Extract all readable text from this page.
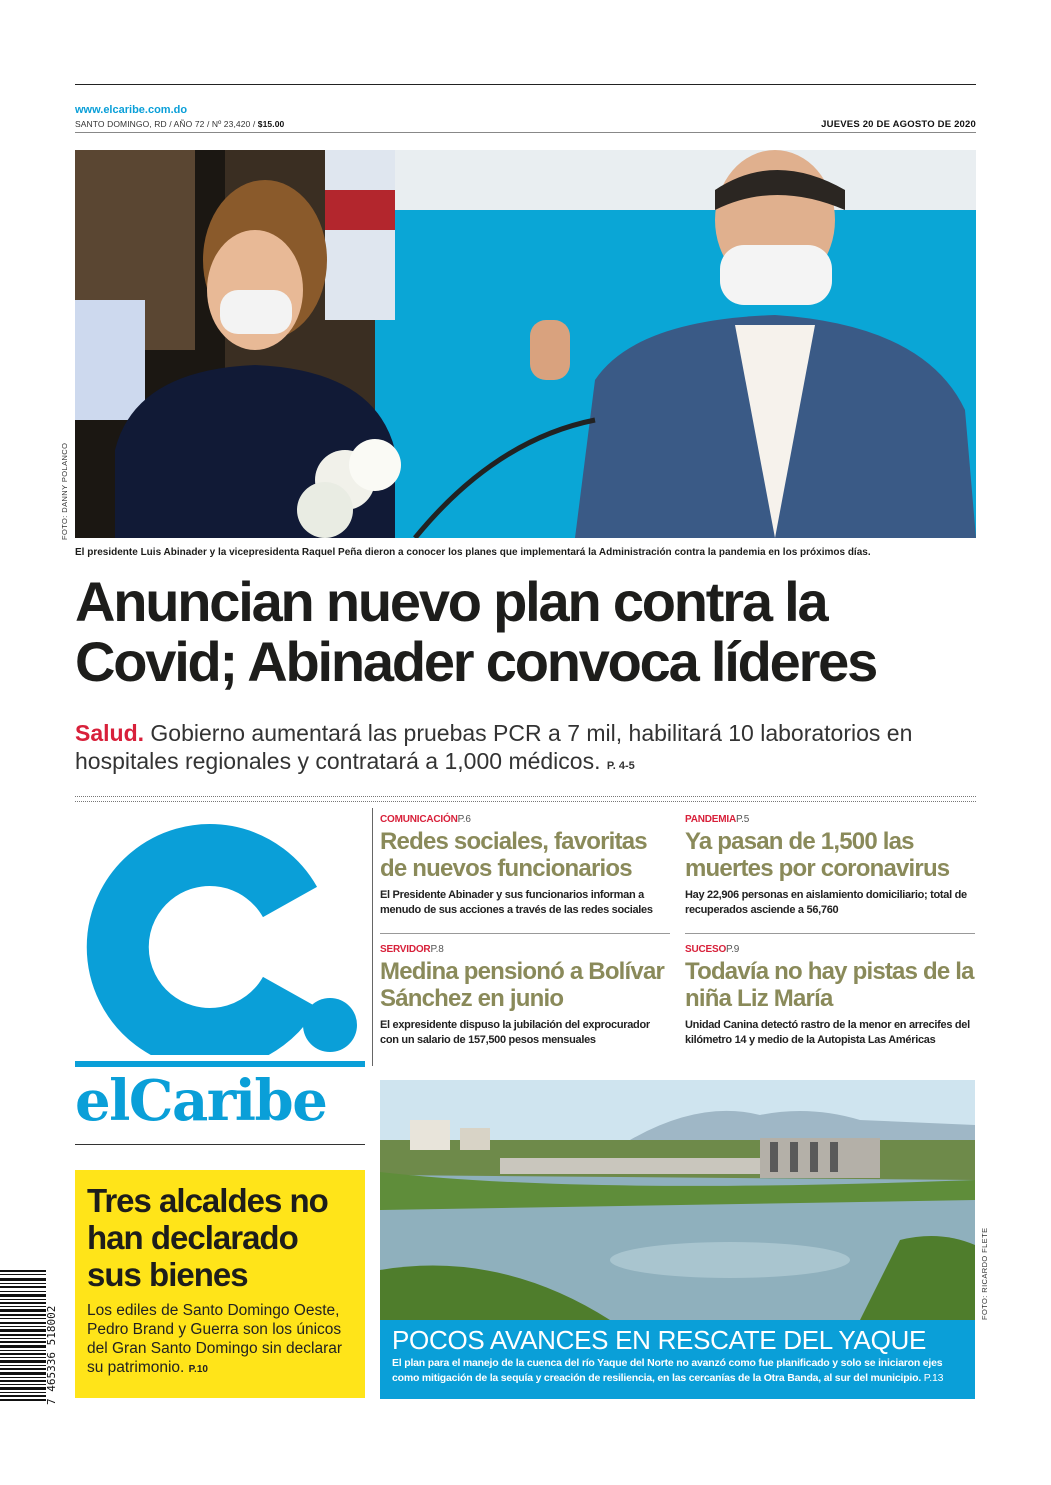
www.elcaribe.com.do
SANTO DOMINGO, RD / AÑO 72 / Nº 23,420 / $15.00	JUEVES 20 DE AGOSTO DE 2020
FOTO: DANNY POLANCO
El presidente Luis Abinader y la vicepresidenta Raquel Peña dieron a conocer los planes que implementará la Administración contra la pandemia en los próximos días.
Anuncian nuevo plan contra la
Covid; Abinader convoca líderes
Salud. Gobierno aumentará las pruebas PCR a 7 mil, habilitará 10 laboratorios en hospitales regionales y contratará a 1,000 médicos. P. 4-5
elCaribe
Tres alcaldes no han declarado sus bienes
Los ediles de Santo Domingo Oeste, Pedro Brand y Guerra son los únicos del Gran Santo Domingo sin declarar su patrimonio. P.10
7 465336 518002
COMUNICACIÓNP.6
Redes sociales, favoritas de nuevos funcionarios
El Presidente Abinader y sus funcionarios informan a menudo de sus acciones a través de las redes sociales
PANDEMIAP.5
Ya pasan de 1,500 las muertes por coronavirus
Hay 22,906 personas en aislamiento domiciliario; total de recuperados asciende a 56,760
SERVIDORP.8
Medina pensionó a Bolívar Sánchez en junio
El expresidente dispuso la jubilación del exprocurador con un salario de 157,500 pesos mensuales
SUCESOP.9
Todavía no hay pistas de la niña Liz María
Unidad Canina detectó rastro de la menor en arrecifes del kilómetro 14 y medio de la Autopista Las Américas
FOTO: RICARDO FLETE
POCOS AVANCES EN RESCATE DEL YAQUE
El plan para el manejo de la cuenca del río Yaque del Norte no avanzó como fue planificado y solo se iniciaron ejes como mitigación de la sequía y creación de resiliencia, en las cercanías de la Otra Banda, al sur del municipio. P.13
